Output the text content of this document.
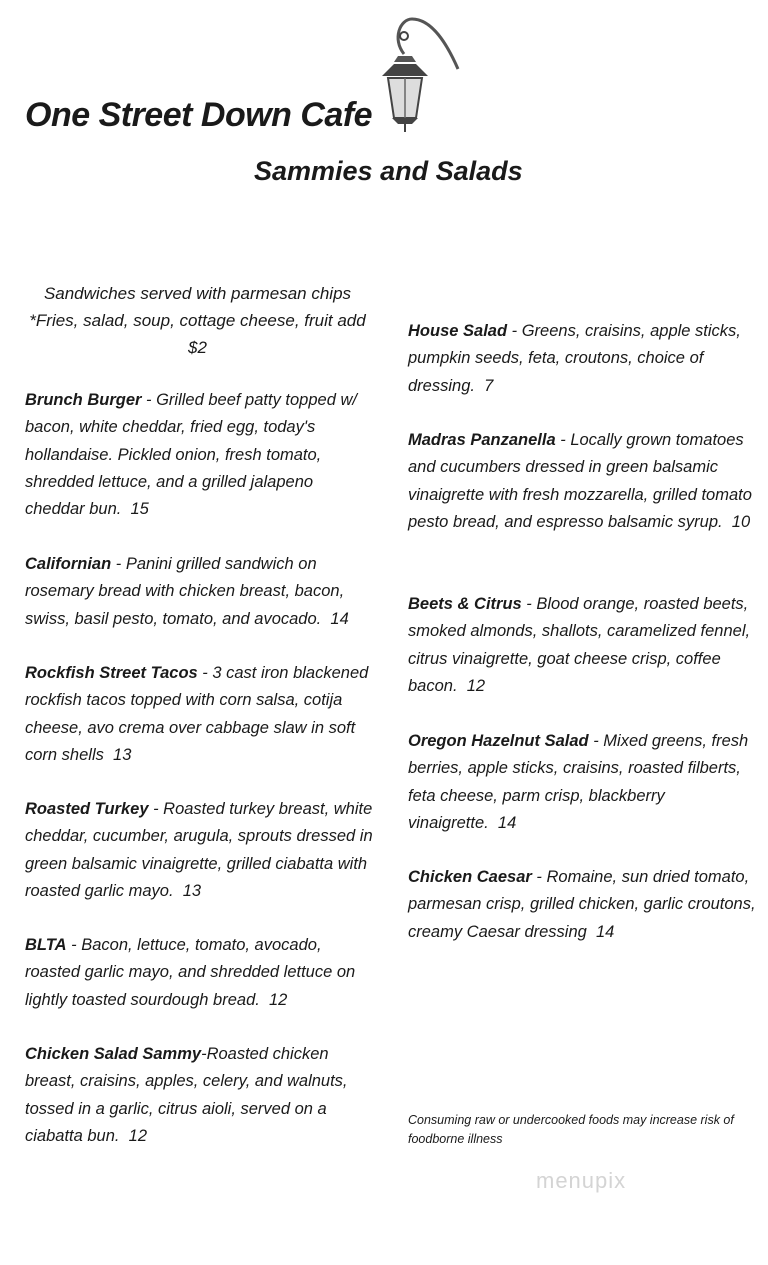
One Street Down Cafe
Sammies and Salads
Sandwiches served with parmesan chips
*Fries, salad, soup, cottage cheese, fruit add $2
Brunch Burger - Grilled beef patty topped w/ bacon, white cheddar, fried egg, today's hollandaise. Pickled onion, fresh tomato, shredded lettuce, and a grilled jalapeno cheddar bun. 15
Californian - Panini grilled sandwich on rosemary bread with chicken breast, bacon, swiss, basil pesto, tomato, and avocado. 14
Rockfish Street Tacos - 3 cast iron blackened rockfish tacos topped with corn salsa, cotija cheese, avo crema over cabbage slaw in soft corn shells 13
Roasted Turkey - Roasted turkey breast, white cheddar, cucumber, arugula, sprouts dressed in green balsamic vinaigrette, grilled ciabatta with roasted garlic mayo. 13
BLTA - Bacon, lettuce, tomato, avocado, roasted garlic mayo, and shredded lettuce on lightly toasted sourdough bread. 12
Chicken Salad Sammy-Roasted chicken breast, craisins, apples, celery, and walnuts, tossed in a garlic, citrus aioli, served on a ciabatta bun. 12
House Salad - Greens, craisins, apple sticks, pumpkin seeds, feta, croutons, choice of dressing. 7
Madras Panzanella - Locally grown tomatoes and cucumbers dressed in green balsamic vinaigrette with fresh mozzarella, grilled tomato pesto bread, and espresso balsamic syrup. 10
Beets & Citrus - Blood orange, roasted beets, smoked almonds, shallots, caramelized fennel, citrus vinaigrette, goat cheese crisp, coffee bacon. 12
Oregon Hazelnut Salad - Mixed greens, fresh berries, apple sticks, craisins, roasted filberts, feta cheese, parm crisp, blackberry vinaigrette. 14
Chicken Caesar - Romaine, sun dried tomato, parmesan crisp, grilled chicken, garlic croutons, creamy Caesar dressing 14
Consuming raw or undercooked foods may increase risk of foodborne illness
menupix
